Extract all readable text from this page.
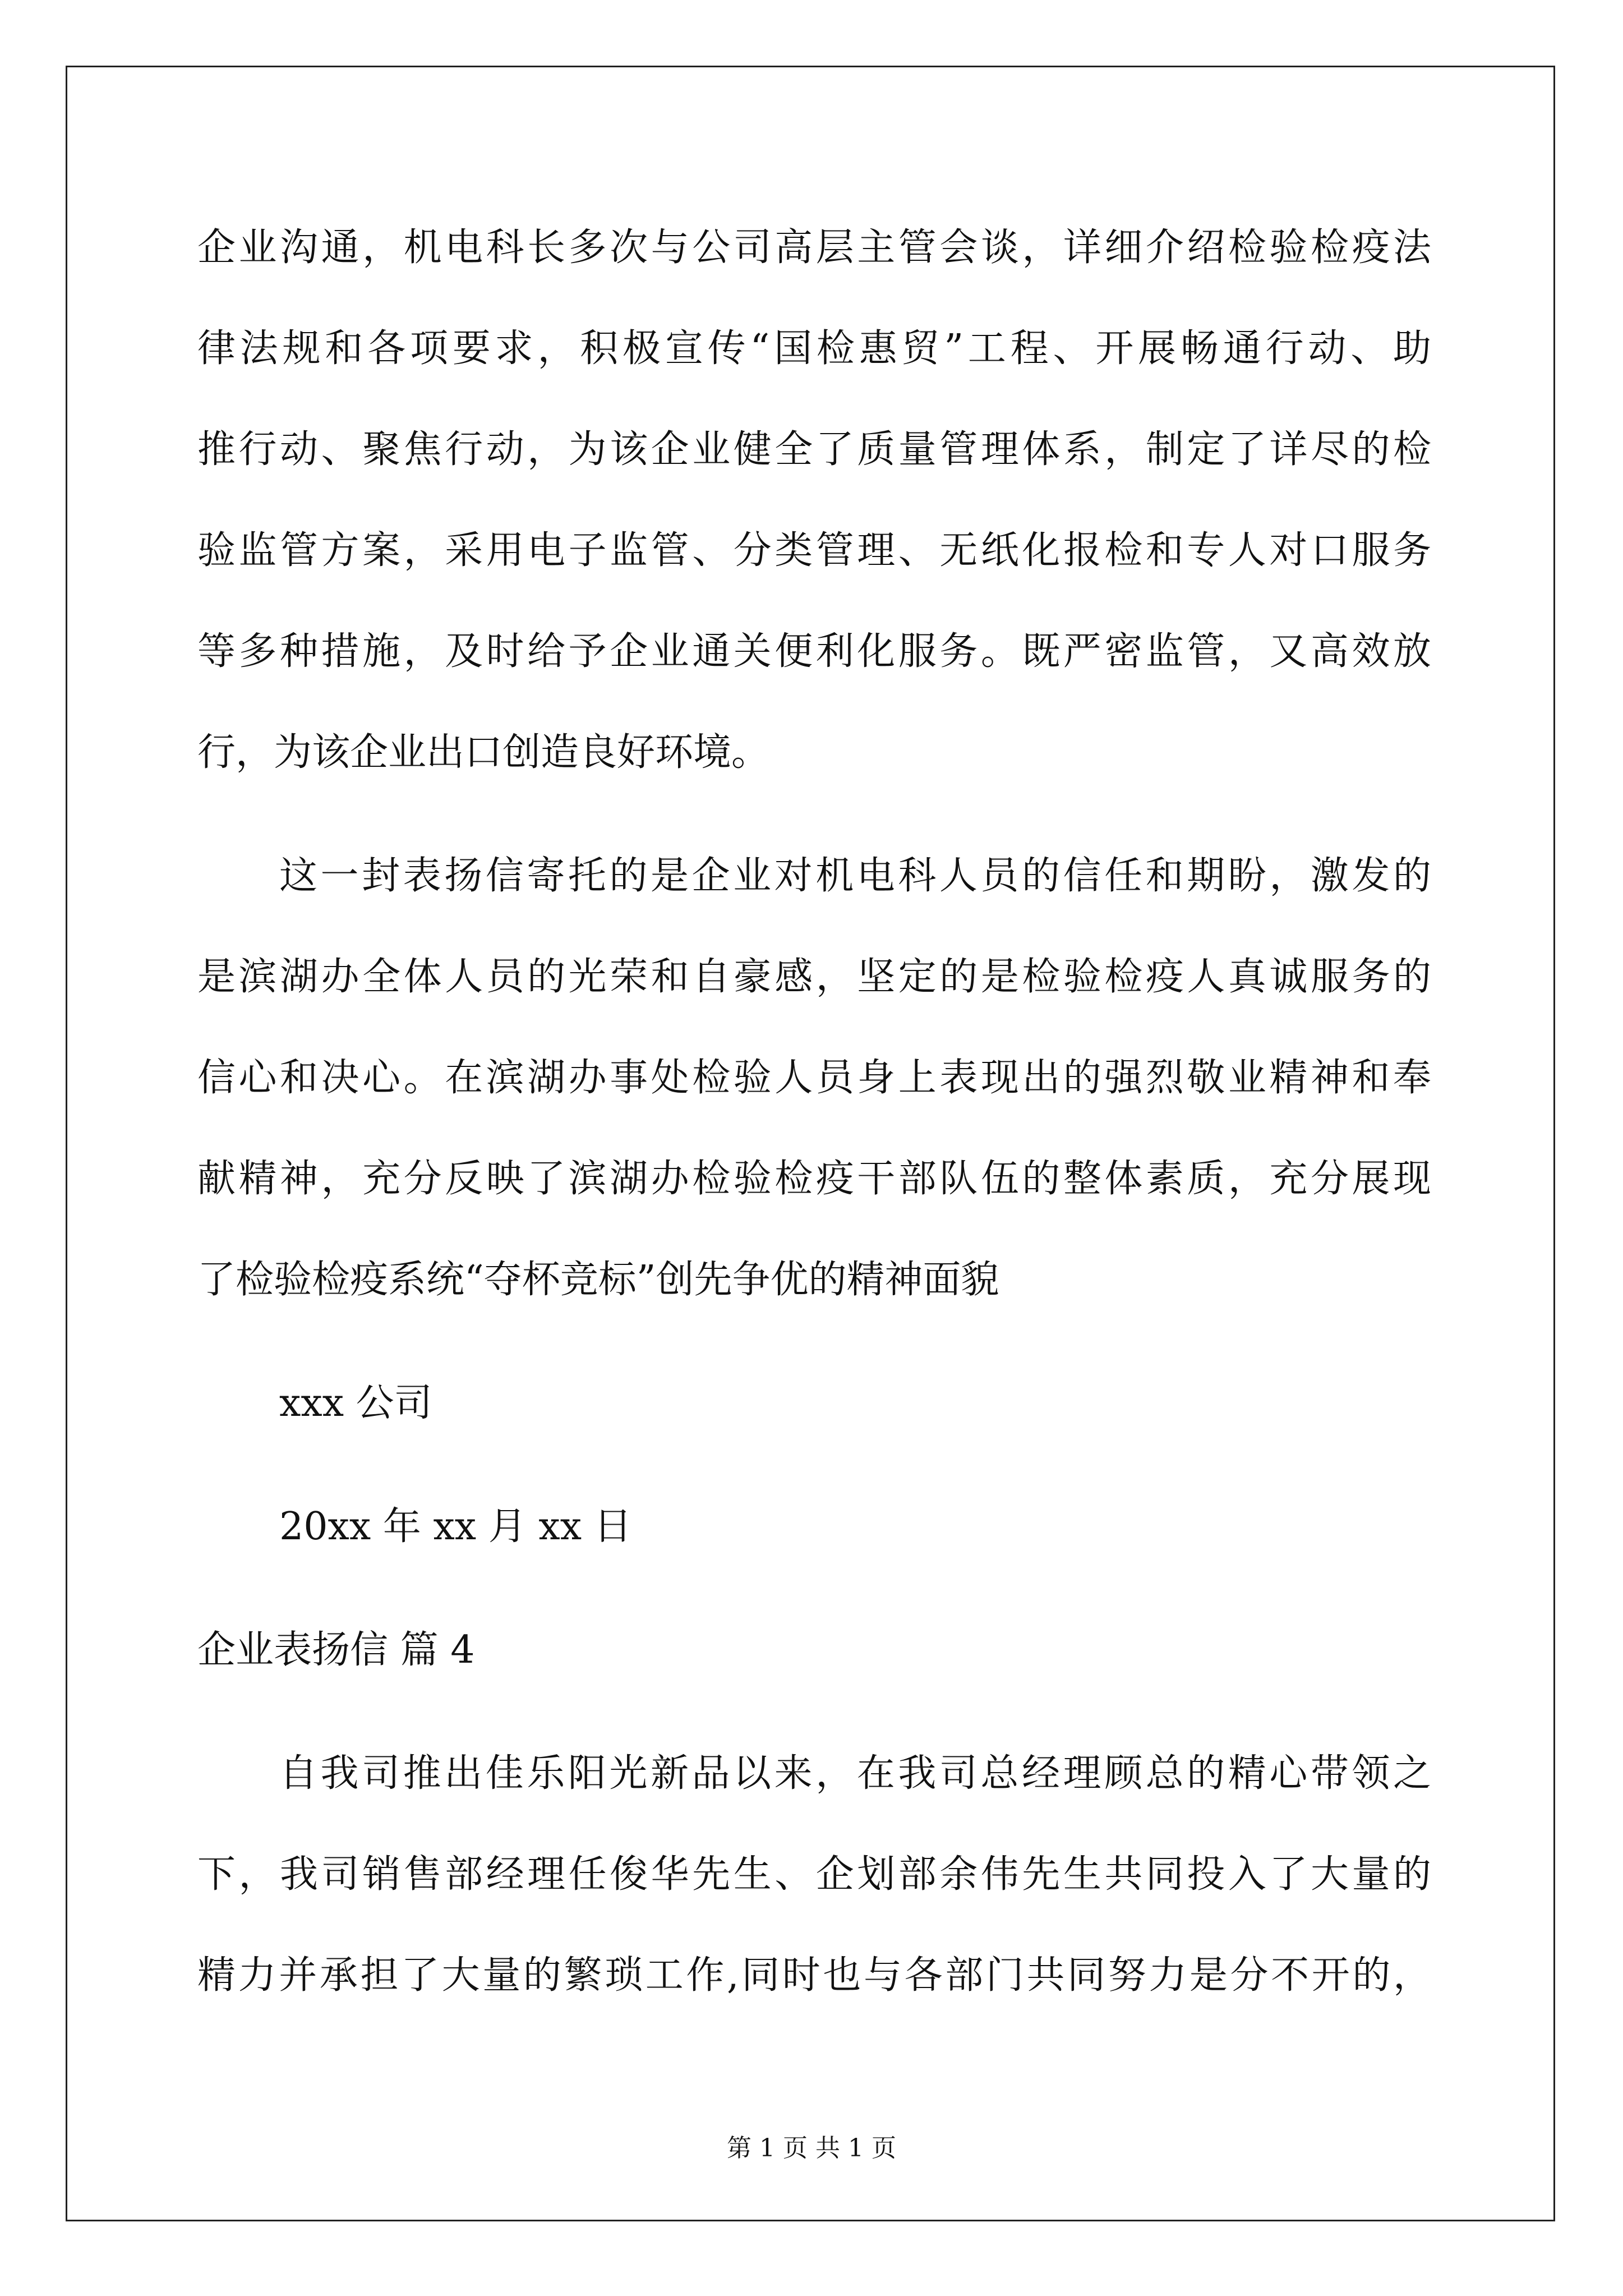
企业沟通，机电科长多次与公司高层主管会谈，详细介绍检验检疫法
律法规和各项要求，积极宣传“国检惠贸”工程、开展畅通行动、助
推行动、聚焦行动，为该企业健全了质量管理体系，制定了详尽的检
验监管方案，采用电子监管、分类管理、无纸化报检和专人对口服务
等多种措施，及时给予企业通关便利化服务。既严密监管，又高效放
行，为该企业出口创造良好环境。
这一封表扬信寄托的是企业对机电科人员的信任和期盼，激发的
是滨湖办全体人员的光荣和自豪感，坚定的是检验检疫人真诚服务的
信心和决心。在滨湖办事处检验人员身上表现出的强烈敬业精神和奉
献精神，充分反映了滨湖办检验检疫干部队伍的整体素质，充分展现
了检验检疫系统“夺杯竞标”创先争优的精神面貌
xxx 公司
20xx 年 xx 月 xx 日
企业表扬信 篇 4
自我司推出佳乐阳光新品以来，在我司总经理顾总的精心带领之
下，我司销售部经理任俊华先生、企划部余伟先生共同投入了大量的
精力并承担了大量的繁琐工作,同时也与各部门共同努力是分不开的，
第 1 页 共 1 页
